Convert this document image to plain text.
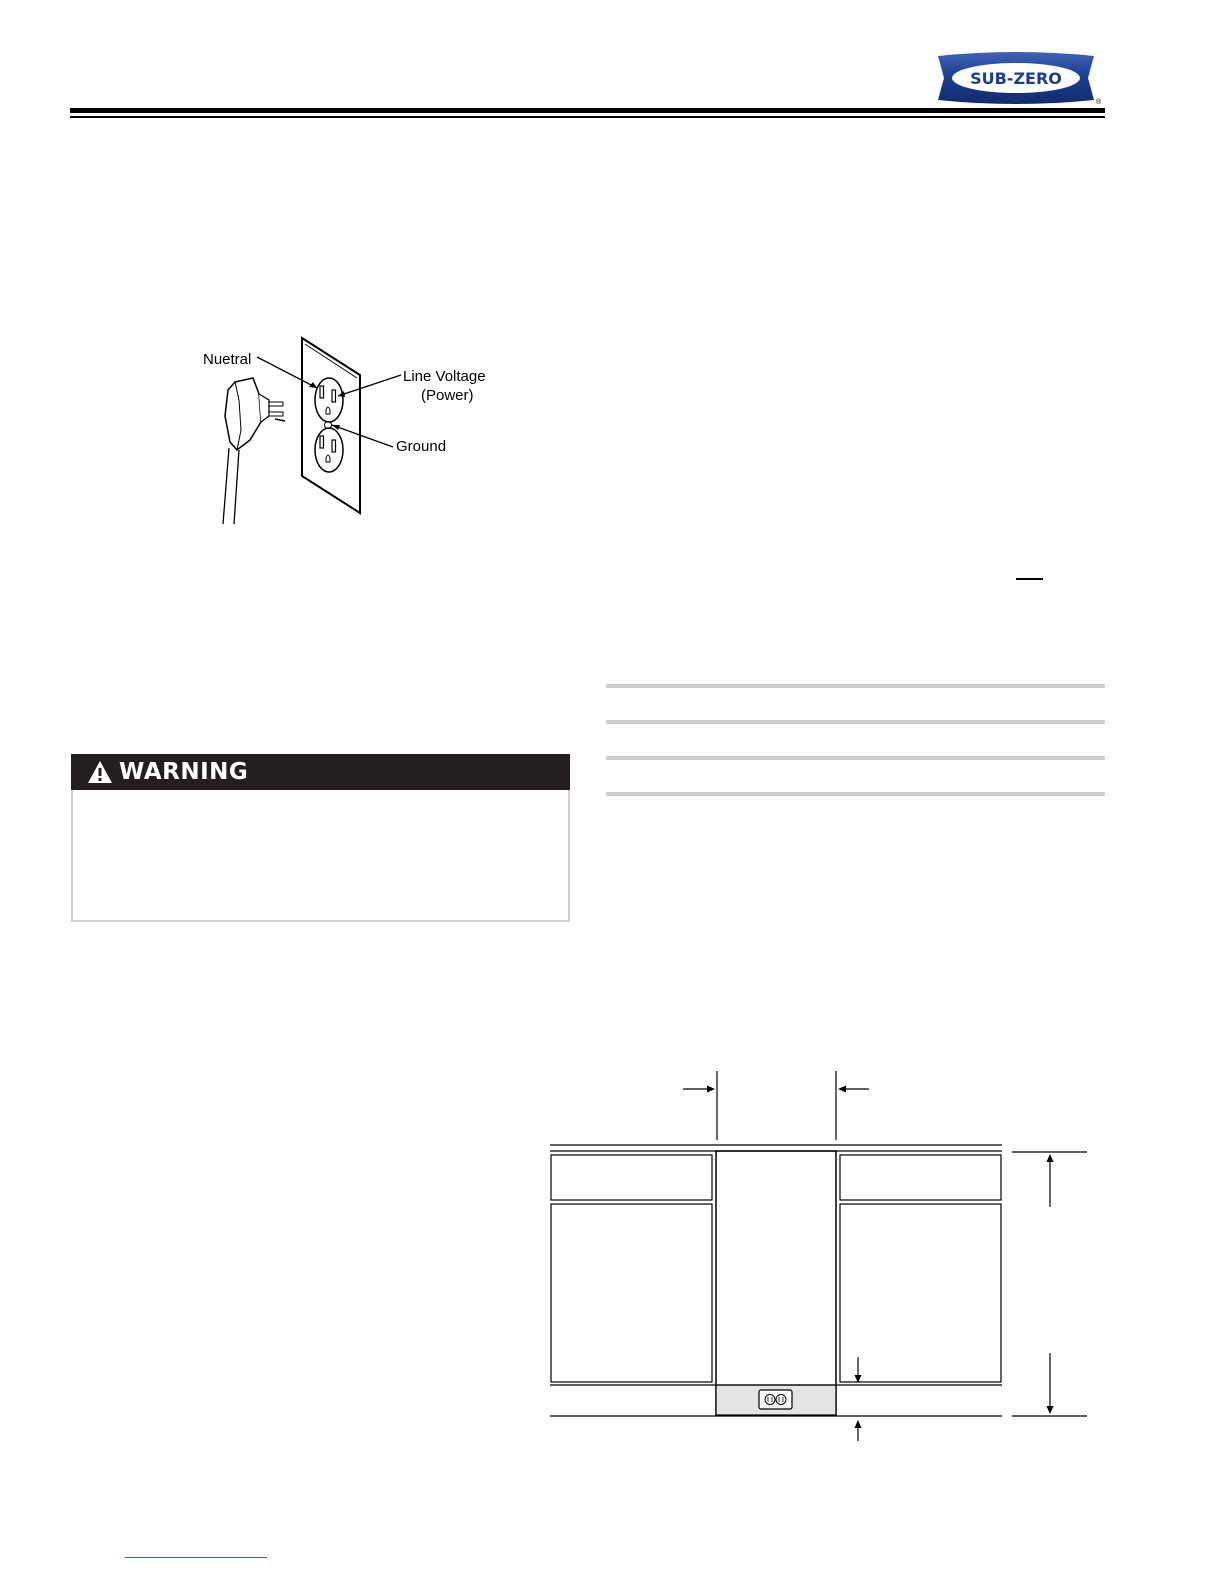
SUB-ZERO
®
Nuetral
Line Voltage
(Power)
Ground
WARNING
